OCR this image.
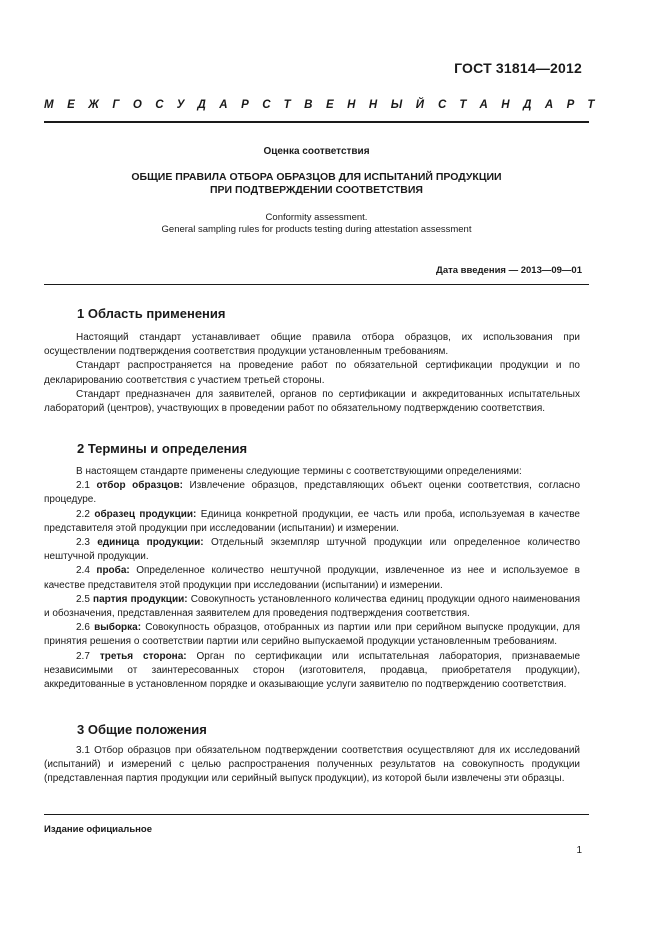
ГОСТ 31814—2012
МЕЖГОСУДАРСТВЕННЫЙ СТАНДАРТ
Оценка соответствия
ОБЩИЕ ПРАВИЛА ОТБОРА ОБРАЗЦОВ ДЛЯ ИСПЫТАНИЙ ПРОДУКЦИИ
ПРИ ПОДТВЕРЖДЕНИИ СООТВЕТСТВИЯ
Conformity assessment.
General sampling rules for products testing during attestation assessment
Дата введения — 2013—09—01
1 Область применения

Настоящий стандарт устанавливает общие правила отбора образцов, их использования при осуществлении подтверждения соответствия продукции установленным требованиям.

Стандарт распространяется на проведение работ по обязательной сертификации продукции и по декларированию соответствия с участием третьей стороны.

Стандарт предназначен для заявителей, органов по сертификации и аккредитованных испытательных лабораторий (центров), участвующих в проведении работ по обязательному подтверждению соответствия.

2 Термины и определения

В настоящем стандарте применены следующие термины с соответствующими определениями:

2.1 отбор образцов: Извлечение образцов, представляющих объект оценки соответствия, согласно процедуре.

2.2 образец продукции: Единица конкретной продукции, ее часть или проба, используемая в качестве представителя этой продукции при исследовании (испытании) и измерении.

2.3 единица продукции: Отдельный экземпляр штучной продукции или определенное количество нештучной продукции.

2.4 проба: Определенное количество нештучной продукции, извлеченное из нее и используемое в качестве представителя этой продукции при исследовании (испытании) и измерении.

2.5 партия продукции: Совокупность установленного количества единиц продукции одного наименования и обозначения, представленная заявителем для проведения подтверждения соответствия.

2.6 выборка: Совокупность образцов, отобранных из партии или при серийном выпуске продукции, для принятия решения о соответствии партии или серийно выпускаемой продукции установленным требованиям.

2.7 третья сторона: Орган по сертификации или испытательная лаборатория, признаваемые независимыми от заинтересованных сторон (изготовителя, продавца, приобретателя продукции), аккредитованные в установленном порядке и оказывающие услуги заявителю по подтверждению соответствия.

3 Общие положения

3.1 Отбор образцов при обязательном подтверждении соответствия осуществляют для их исследований (испытаний) и измерений с целью распространения полученных результатов на совокупность продукции (представленная партия продукции или серийный выпуск продукции), из которой были извлечены эти образцы.

Издание официальное
1
